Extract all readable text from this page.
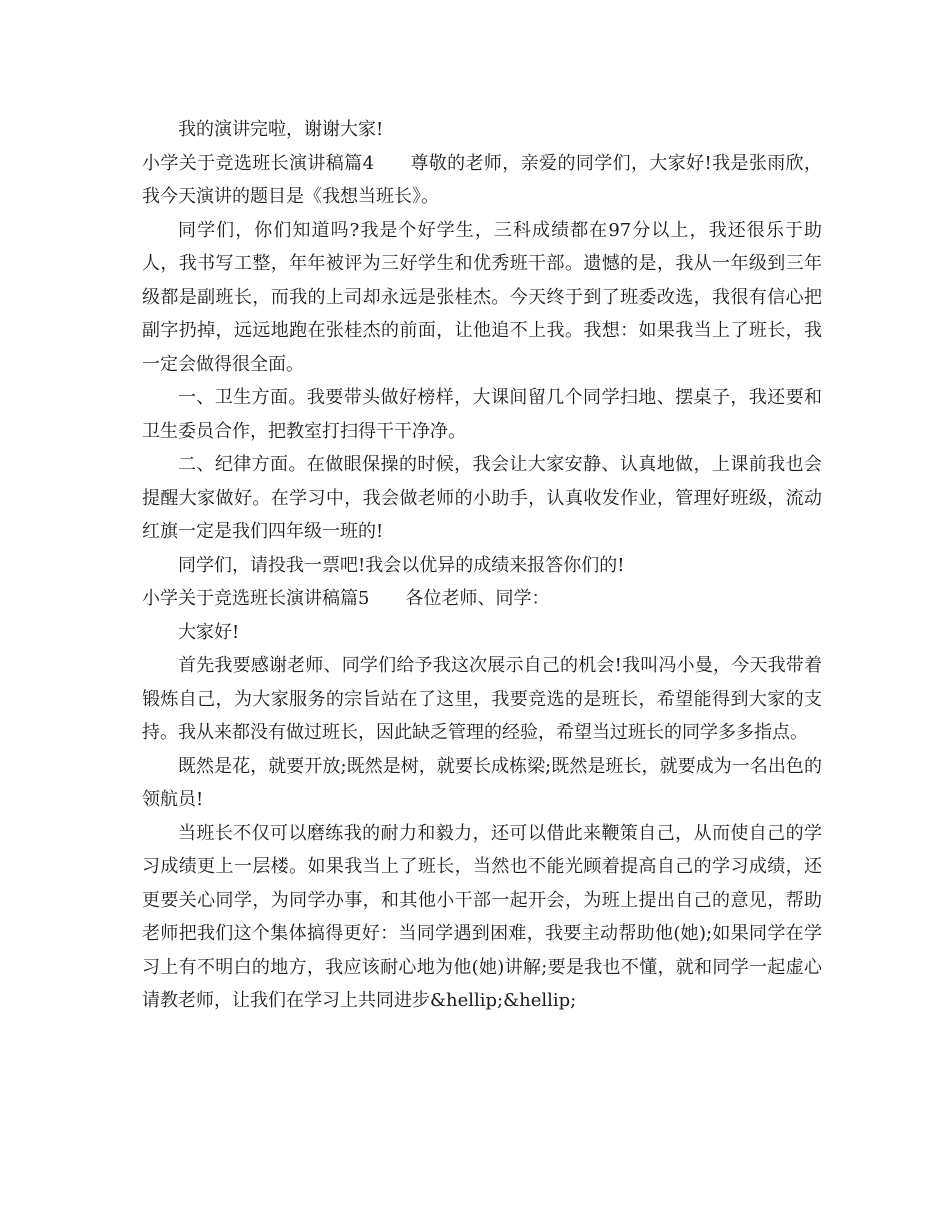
我的演讲完啦，谢谢大家!

小学关于竞选班长演讲稿篇4 尊敬的老师，亲爱的同学们，大家好!我是张雨欣，我今天演讲的题目是《我想当班长》。

同学们，你们知道吗?我是个好学生，三科成绩都在97分以上，我还很乐于助人，我书写工整，年年被评为三好学生和优秀班干部。遗憾的是，我从一年级到三年级都是副班长，而我的上司却永远是张桂杰。今天终于到了班委改选，我很有信心把副字扔掉，远远地跑在张桂杰的前面，让他追不上我。我想：如果我当上了班长，我一定会做得很全面。

一、卫生方面。我要带头做好榜样，大课间留几个同学扫地、摆桌子，我还要和卫生委员合作，把教室打扫得干干净净。

二、纪律方面。在做眼保操的时候，我会让大家安静、认真地做，上课前我也会提醒大家做好。在学习中，我会做老师的小助手，认真收发作业，管理好班级，流动红旗一定是我们四年级一班的!

同学们，请投我一票吧!我会以优异的成绩来报答你们的!

小学关于竞选班长演讲稿篇5 各位老师、同学：

大家好!

首先我要感谢老师、同学们给予我这次展示自己的机会!我叫冯小曼，今天我带着锻炼自己，为大家服务的宗旨站在了这里，我要竞选的是班长，希望能得到大家的支持。我从来都没有做过班长，因此缺乏管理的经验，希望当过班长的同学多多指点。

既然是花，就要开放;既然是树，就要长成栋梁;既然是班长，就要成为一名出色的领航员!

当班长不仅可以磨练我的耐力和毅力，还可以借此来鞭策自己，从而使自己的学习成绩更上一层楼。如果我当上了班长，当然也不能光顾着提高自己的学习成绩，还更要关心同学，为同学办事，和其他小干部一起开会，为班上提出自己的意见，帮助老师把我们这个集体搞得更好：当同学遇到困难，我要主动帮助他(她);如果同学在学习上有不明白的地方，我应该耐心地为他(她)讲解;要是我也不懂，就和同学一起虚心请教老师，让我们在学习上共同进步&hellip;&hellip;
